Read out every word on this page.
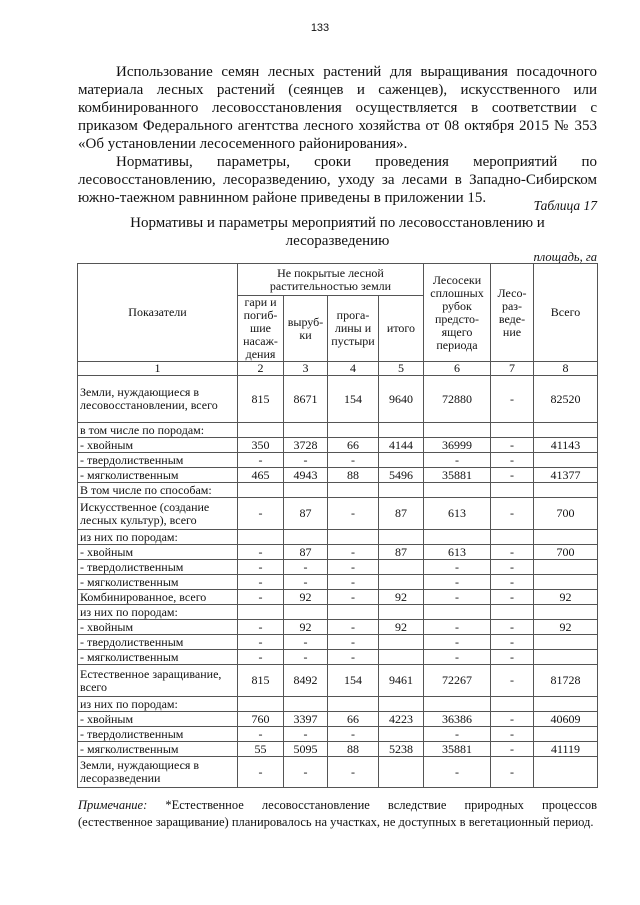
133

Использование семян лесных растений для выращивания посадочного материала лесных растений (сеянцев и саженцев), искусственного или комбинированного лесовосстановления осуществляется в соответствии с приказом Федерального агентства лесного хозяйства от 08 октября 2015 № 353 «Об установлении лесосеменного районирования».

Нормативы, параметры, сроки проведения мероприятий по лесовосстановлению, лесоразведению, уходу за лесами в Западно-Сибирском южно-таежном равнинном районе приведены в приложении 15.	Таблица 17
Нормативы и параметры мероприятий по лесовосстановлению и лесоразведению
площадь, га
Показатели	Не покрытые лесной растительностью земли				Лесосеки сплошных рубок предсто-ящего периода	Лесо-раз-веде-ние	Всего
	гари и погиб-шие насаж-дения	выруб-ки	прога-лины и пустыри	итого			
1	2	3	4	5	6	7	8
Земли, нуждающиеся в лесовосстановлении, всего	815	8671	154	9640	72880	-	82520
в том числе по породам:							
- хвойным	350	3728	66	4144	36999	-	41143
- твердолиственным	-	-	-		-	-	
- мягколиственным	465	4943	88	5496	35881	-	41377
В том числе по способам:							
Искусственное (создание лесных культур), всего	-	87	-	87	613	-	700
из них по породам:							
- хвойным	-	87	-	87	613	-	700
- твердолиственным	-	-	-		-	-	
- мягколиственным	-	-	-		-	-	
Комбинированное, всего	-	92	-	92	-	-	92
из них по породам:							
- хвойным	-	92	-	92	-	-	92
- твердолиственным	-	-	-		-	-	
- мягколиственным	-	-	-		-	-	
Естественное заращивание, всего	815	8492	154	9461	72267	-	81728
из них по породам:							
- хвойным	760	3397	66	4223	36386	-	40609
- твердолиственным	-	-	-		-	-	
- мягколиственным	55	5095	88	5238	35881	-	41119
Земли, нуждающиеся в лесоразведении	-	-	-		-	-	
Примечание: *Естественное лесовосстановление вследствие природных процессов (естественное заращивание) планировалось на участках, не доступных в вегетационный период.
